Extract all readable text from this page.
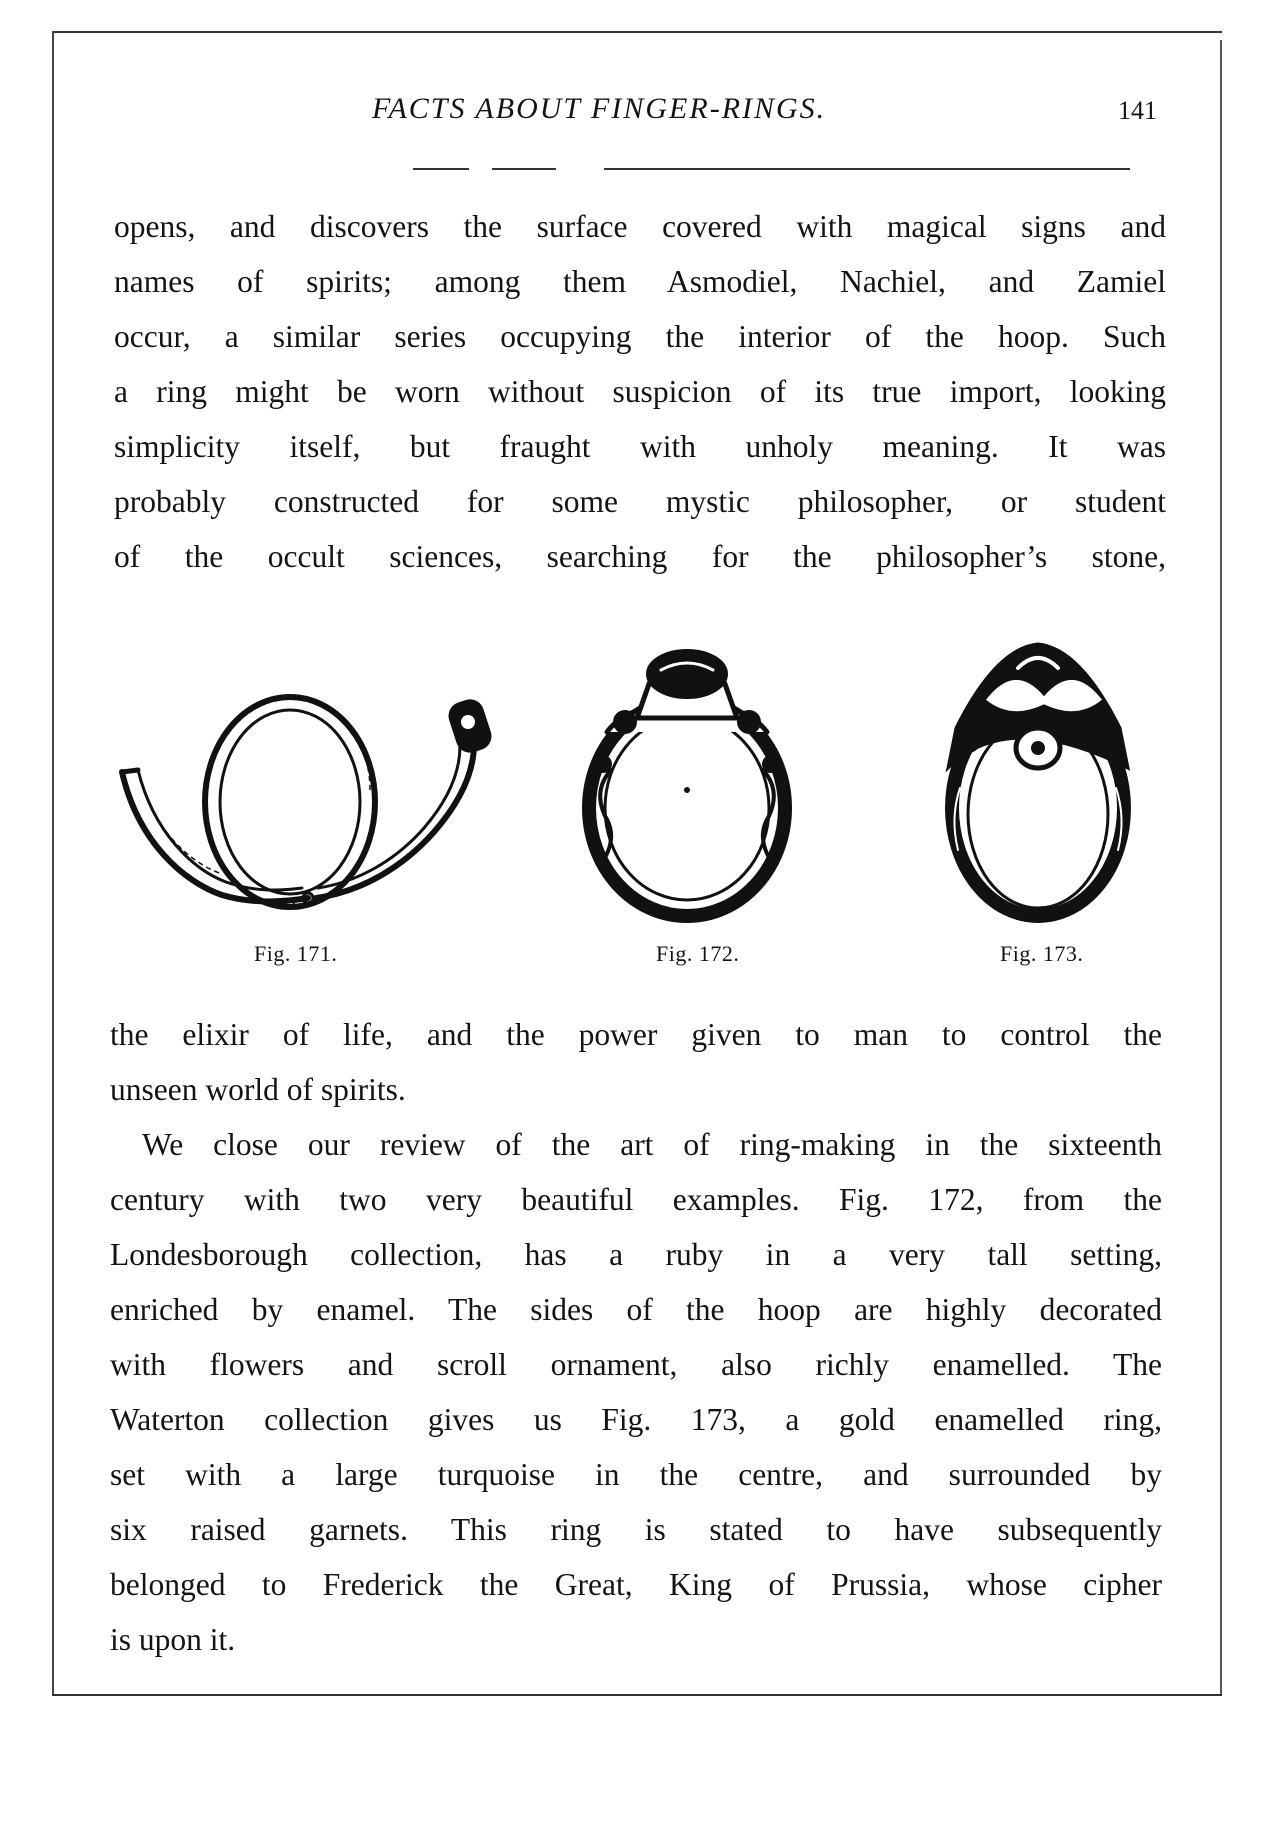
FACTS ABOUT FINGER-RINGS.	141
opens, and discovers the surface covered with magical signs and
names of spirits; among them Asmodiel, Nachiel, and Zamiel
occur, a similar series occupying the interior of the hoop. Such
a ring might be worn without suspicion of its true import, looking
simplicity itself, but fraught with unholy meaning. It was
probably constructed for some mystic philosopher, or student
of the occult sciences, searching for the philosopher’s stone,
Fig. 171.	Fig. 172.	Fig. 173.
the elixir of life, and the power given to man to control the
unseen world of spirits.
We close our review of the art of ring-making in the sixteenth
century with two very beautiful examples. Fig. 172, from the
Londesborough collection, has a ruby in a very tall setting,
enriched by enamel. The sides of the hoop are highly decorated
with flowers and scroll ornament, also richly enamelled. The
Waterton collection gives us Fig. 173, a gold enamelled ring,
set with a large turquoise in the centre, and surrounded by
six raised garnets. This ring is stated to have subsequently
belonged to Frederick the Great, King of Prussia, whose cipher
is upon it.
